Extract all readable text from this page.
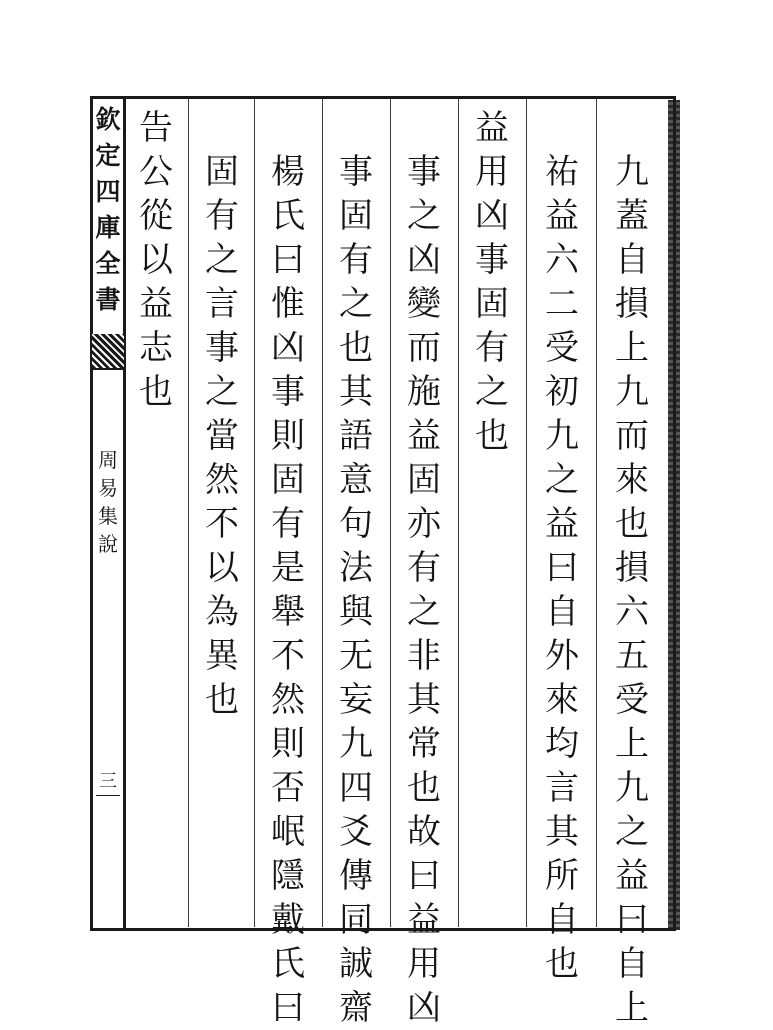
欽定四庫全書
周易集說
三
九蓋自損上九而來也損六五受上九之益曰自上
祐益六二受初九之益曰自外來均言其所自也
益用凶事固有之也
事之凶變而施益固亦有之非其常也故曰益用凶
事固有之也其語意句法與无妄九四爻傳同誠齋
楊氏曰惟凶事則固有是舉不然則否岷隱戴氏曰
固有之言事之當然不以為異也
告公從以益志也
